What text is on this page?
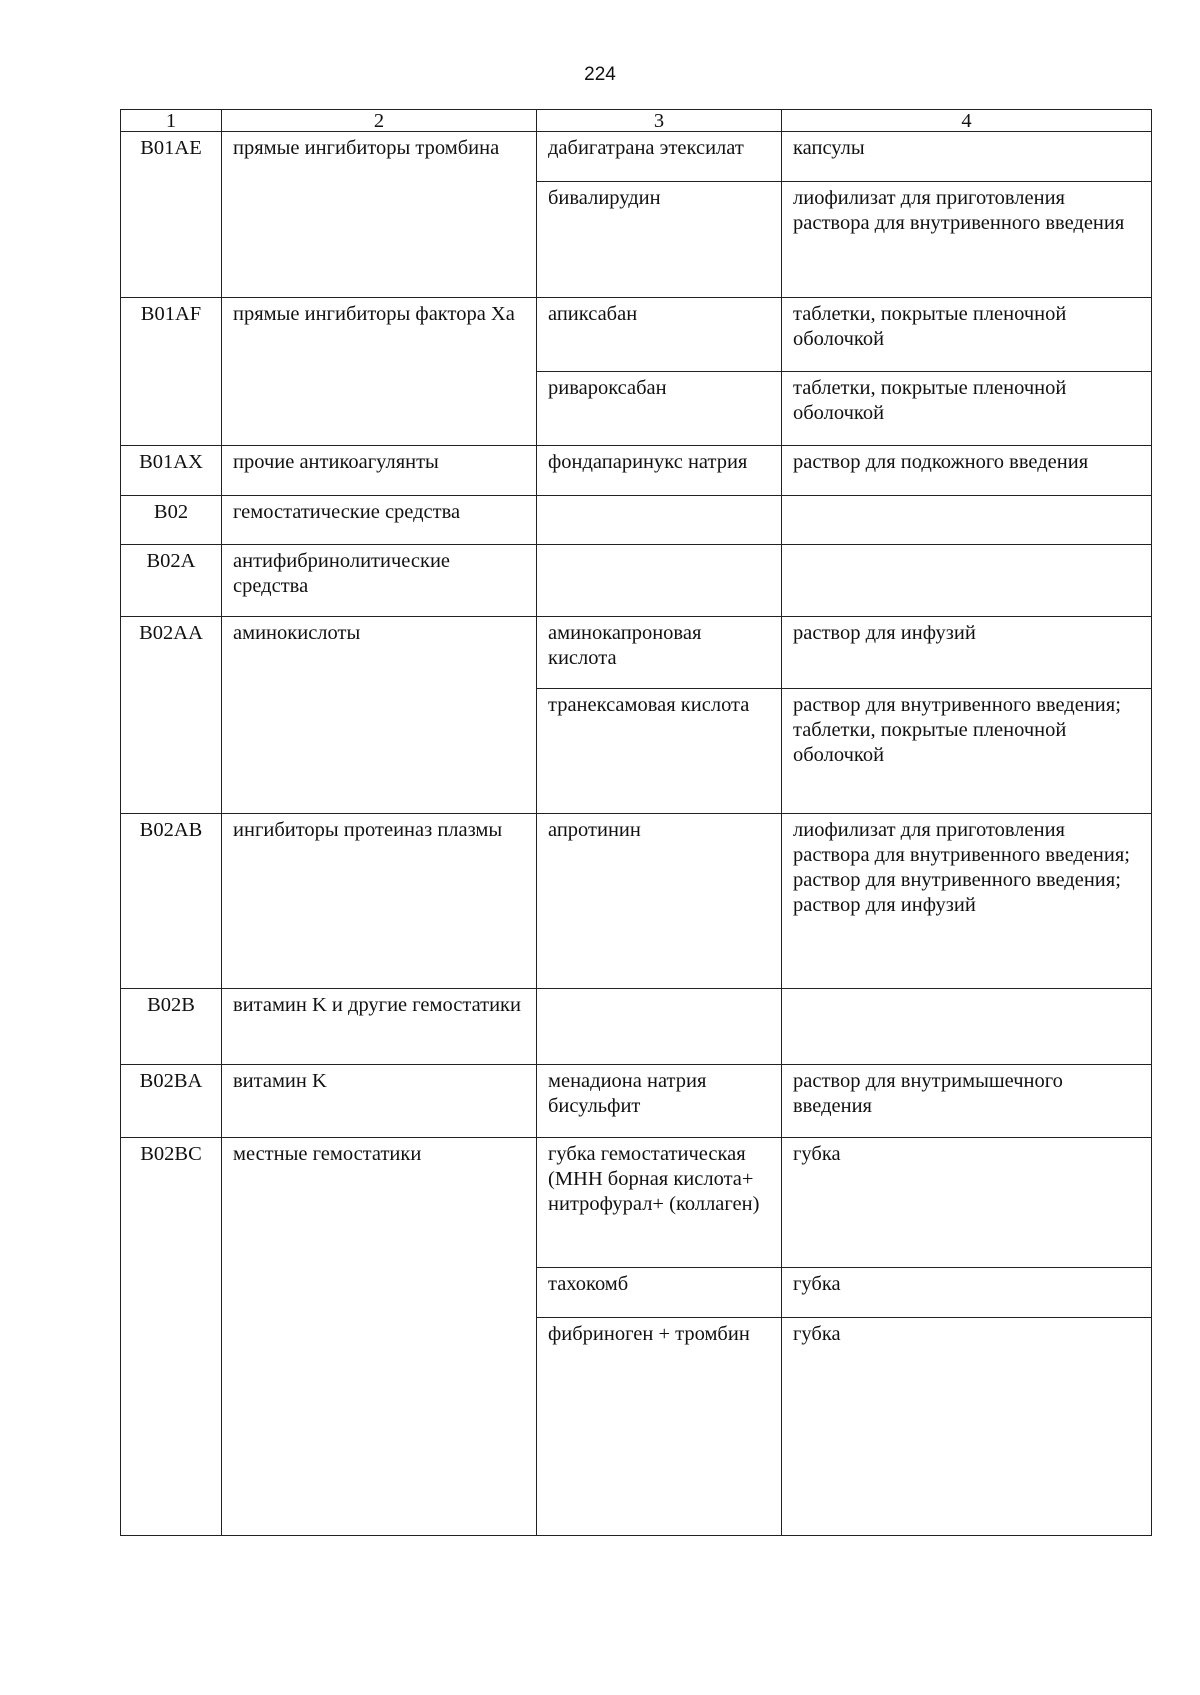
224
1	2	3	4
B01AE	прямые ингибиторы тромбина	дабигатрана этексилат	капсулы
		бивалирудин	лиофилизат для приготовления раствора для внутривенного введения
B01AF	прямые ингибиторы фактора Ха	апиксабан	таблетки, покрытые пленочной оболочкой
		ривароксабан	таблетки, покрытые пленочной оболочкой
B01AX	прочие антикоагулянты	фондапаринукс натрия	раствор для подкожного введения
B02	гемостатические средства		
B02A	антифибринолитические средства		
B02AA	аминокислоты	аминокапроновая кислота	раствор для инфузий
		транексамовая кислота	раствор для внутривенного введения;
таблетки, покрытые пленочной оболочкой
B02AB	ингибиторы протеиназ плазмы	апротинин	лиофилизат для приготовления раствора для внутривенного введения;
раствор для внутривенного введения;
раствор для инфузий
B02B	витамин K и другие гемостатики		
B02BA	витамин K	менадиона натрия бисульфит	раствор для внутримышечного введения
B02BC	местные гемостатики	губка гемостатическая (МНН борная кислота+ нитрофурал+ (коллаген)	губка
		тахокомб	губка
		фибриноген + тромбин	губка
